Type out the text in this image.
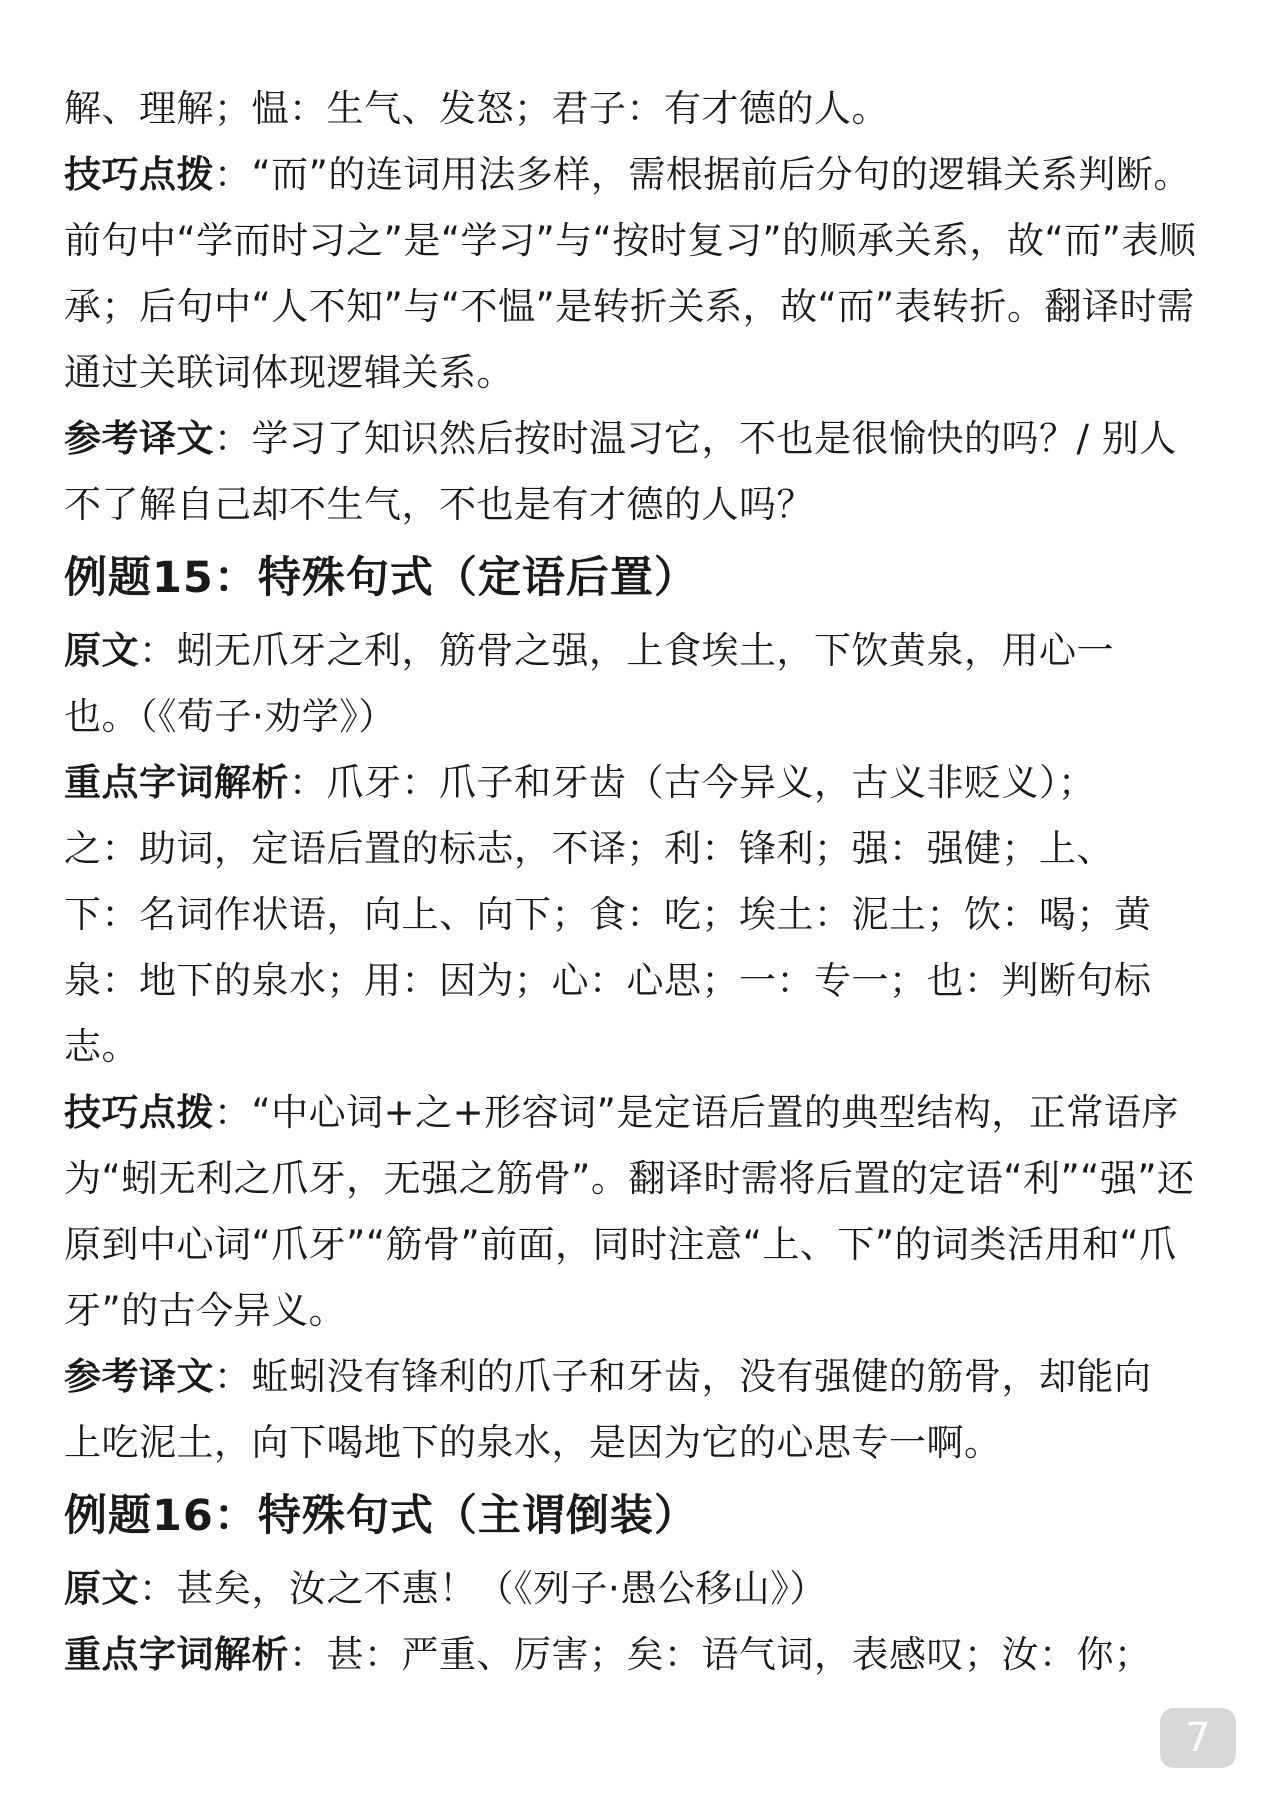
解、理解；愠：生气、发怒；君子：有才德的人。
技巧点拨：“而”的连词用法多样，需根据前后分句的逻辑关系判断。
前句中“学而时习之”是“学习”与“按时复习”的顺承关系，故“而”表顺
承；后句中“人不知”与“不愠”是转折关系，故“而”表转折。翻译时需
通过关联词体现逻辑关系。
参考译文：学习了知识然后按时温习它，不也是很愉快的吗？/ 别人
不了解自己却不生气，不也是有才德的人吗？
例题15：特殊句式（定语后置）
原文：蚓无爪牙之利，筋骨之强，上食埃土，下饮黄泉，用心一
也。（《荀子·劝学》）
重点字词解析：爪牙：爪子和牙齿（古今异义，古义非贬义）；
之：助词，定语后置的标志，不译；利：锋利；强：强健；上、
下：名词作状语，向上、向下；食：吃；埃土：泥土；饮：喝；黄
泉：地下的泉水；用：因为；心：心思；一：专一；也：判断句标
志。
技巧点拨：“中心词+之+形容词”是定语后置的典型结构，正常语序
为“蚓无利之爪牙，无强之筋骨”。翻译时需将后置的定语“利”“强”还
原到中心词“爪牙”“筋骨”前面，同时注意“上、下”的词类活用和“爪
牙”的古今异义。
参考译文：蚯蚓没有锋利的爪子和牙齿，没有强健的筋骨，却能向
上吃泥土，向下喝地下的泉水，是因为它的心思专一啊。
例题16：特殊句式（主谓倒装）
原文：甚矣，汝之不惠！（《列子·愚公移山》）
重点字词解析：甚：严重、厉害；矣：语气词，表感叹；汝：你；
7
